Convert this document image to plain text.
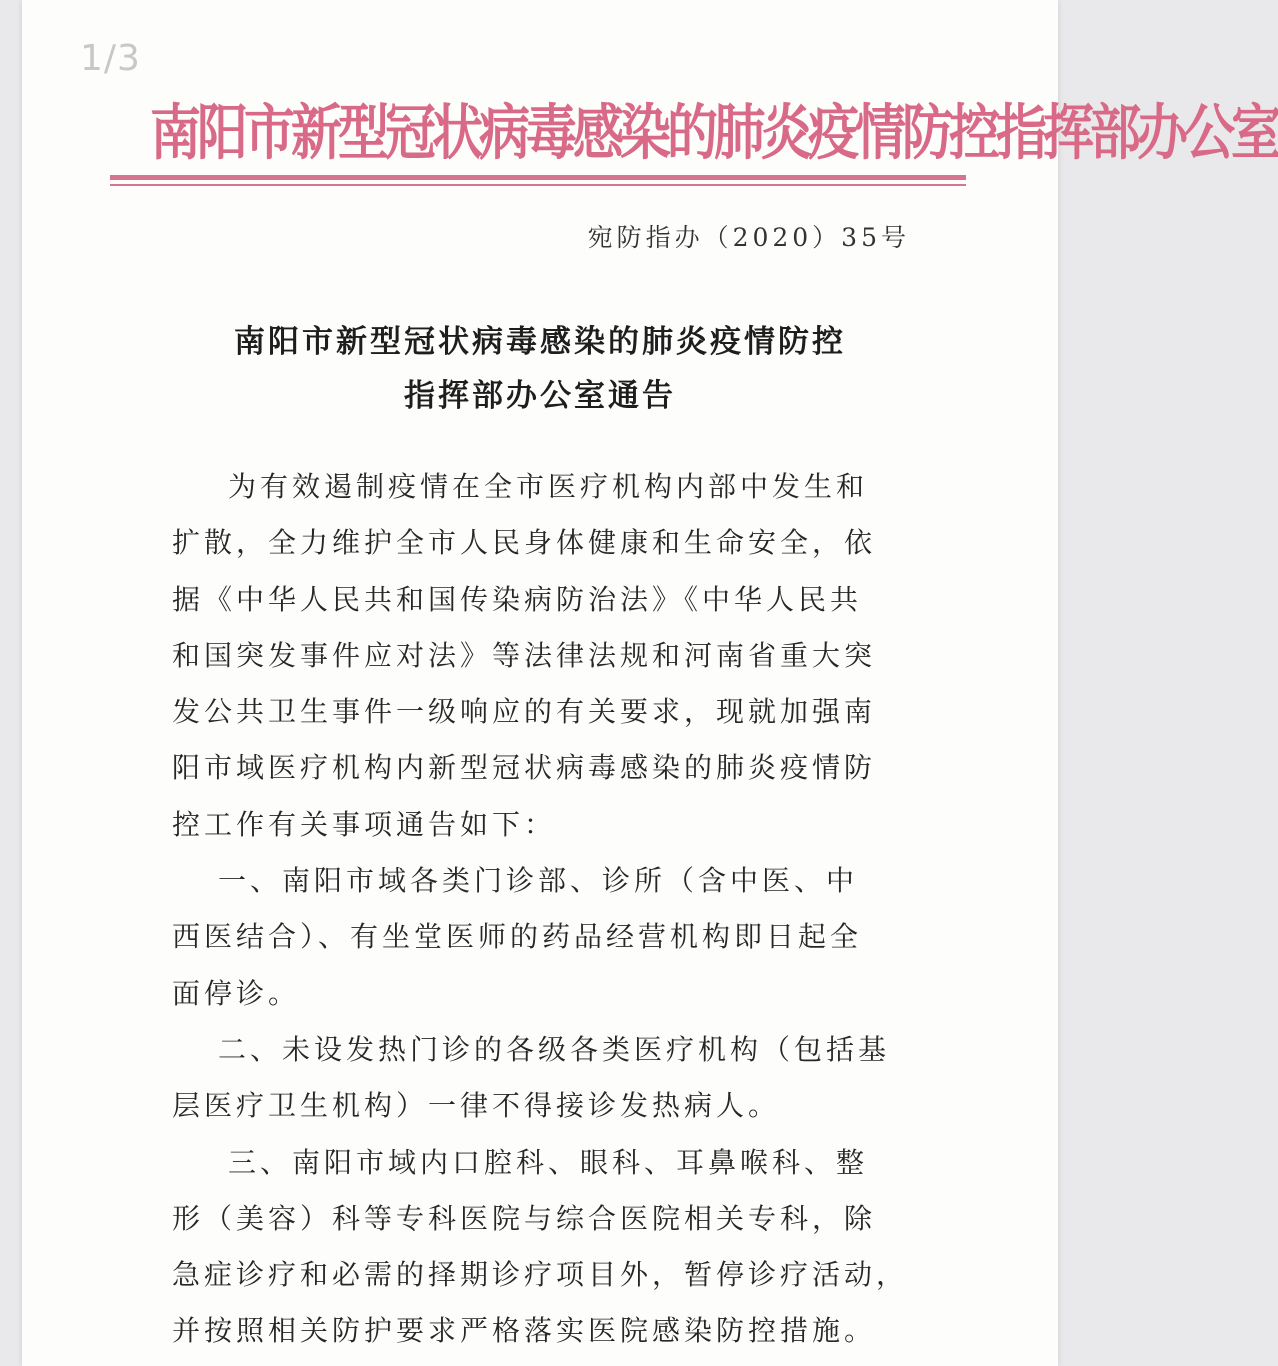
1/3
南阳市新型冠状病毒感染的肺炎疫情防控指挥部办公室
宛防指办（2020）35号
南阳市新型冠状病毒感染的肺炎疫情防控
指挥部办公室通告
为有效遏制疫情在全市医疗机构内部中发生和
扩散，全力维护全市人民身体健康和生命安全，依
据《中华人民共和国传染病防治法》《中华人民共
和国突发事件应对法》等法律法规和河南省重大突
发公共卫生事件一级响应的有关要求，现就加强南
阳市域医疗机构内新型冠状病毒感染的肺炎疫情防
控工作有关事项通告如下：
一、南阳市域各类门诊部、诊所（含中医、中
西医结合）、有坐堂医师的药品经营机构即日起全
面停诊。
二、未设发热门诊的各级各类医疗机构（包括基
层医疗卫生机构）一律不得接诊发热病人。
三、南阳市域内口腔科、眼科、耳鼻喉科、整
形（美容）科等专科医院与综合医院相关专科，除
急症诊疗和必需的择期诊疗项目外，暂停诊疗活动，
并按照相关防护要求严格落实医院感染防控措施。
